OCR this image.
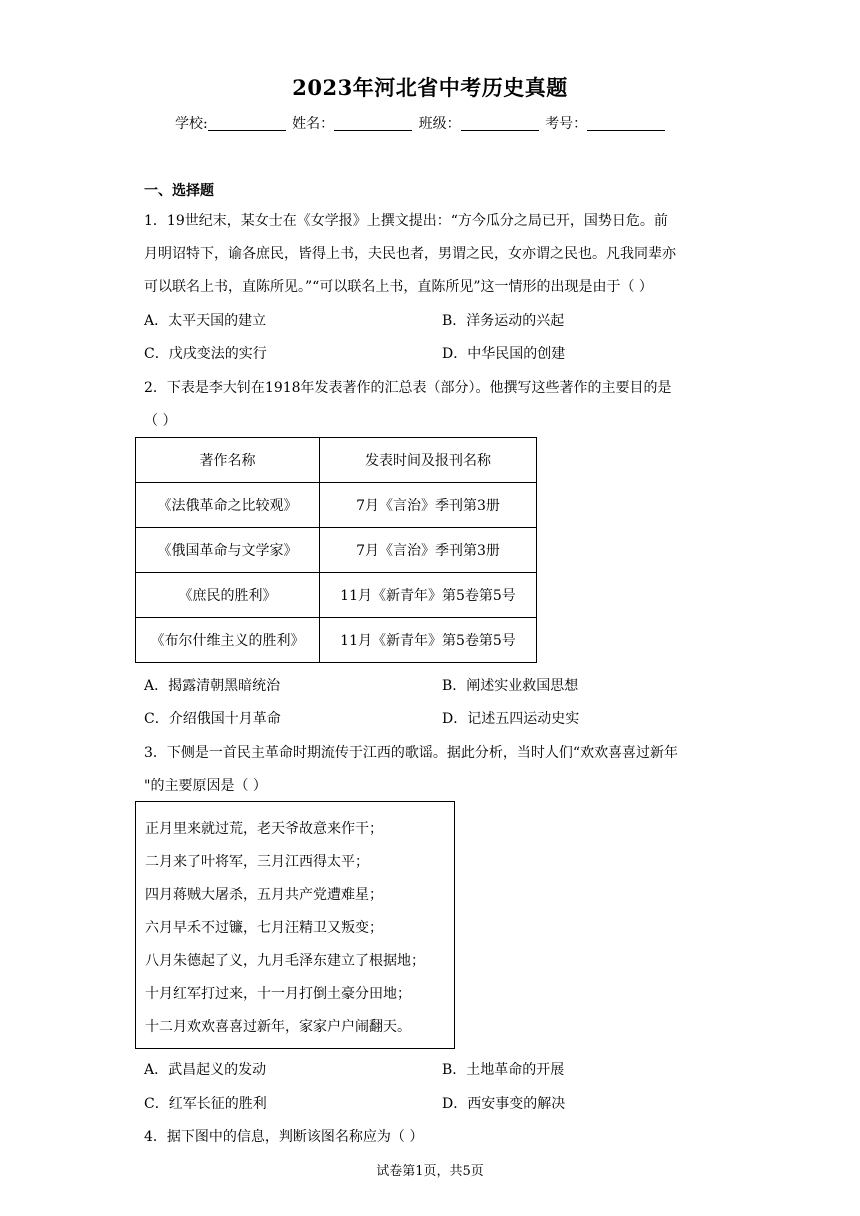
2023年河北省中考历史真题
学校:	姓名：	班级：	考号：
一、选择题
1．19世纪末，某女士在《女学报》上撰文提出：“方今瓜分之局已开，国势日危。前
月明诏特下，谕各庶民，皆得上书，夫民也者，男谓之民，女亦谓之民也。凡我同辈亦
可以联名上书，直陈所见。”“可以联名上书，直陈所见”这一情形的出现是由于（ ）
A．太平天国的建立	B．洋务运动的兴起
C．戊戌变法的实行	D．中华民国的创建
2．下表是李大钊在1918年发表著作的汇总表（部分）。他撰写这些著作的主要目的是
（ ）
著作名称	发表时间及报刊名称
《法俄革命之比较观》	7月《言治》季刊第3册
《俄国革命与文学家》	7月《言治》季刊第3册
《庶民的胜利》	11月《新青年》第5卷第5号
《布尔什维主义的胜利》	11月《新青年》第5卷第5号
A．揭露清朝黑暗统治	B．阐述实业救国思想
C．介绍俄国十月革命	D．记述五四运动史实
3．下侧是一首民主革命时期流传于江西的歌谣。据此分析，当时人们“欢欢喜喜过新年
"的主要原因是（ ）
正月里来就过荒，老天爷故意来作干；
二月来了叶将军，三月江西得太平；
四月蒋贼大屠杀，五月共产党遭难星；
六月早禾不过镰，七月汪精卫又叛变；
八月朱德起了义，九月毛泽东建立了根据地；
十月红军打过来，十一月打倒土豪分田地；
十二月欢欢喜喜过新年，家家户户闹翻天。
A．武昌起义的发动	B．土地革命的开展
C．红军长征的胜利	D．西安事变的解决
4．据下图中的信息，判断该图名称应为（ ）
试卷第1页，共5页
